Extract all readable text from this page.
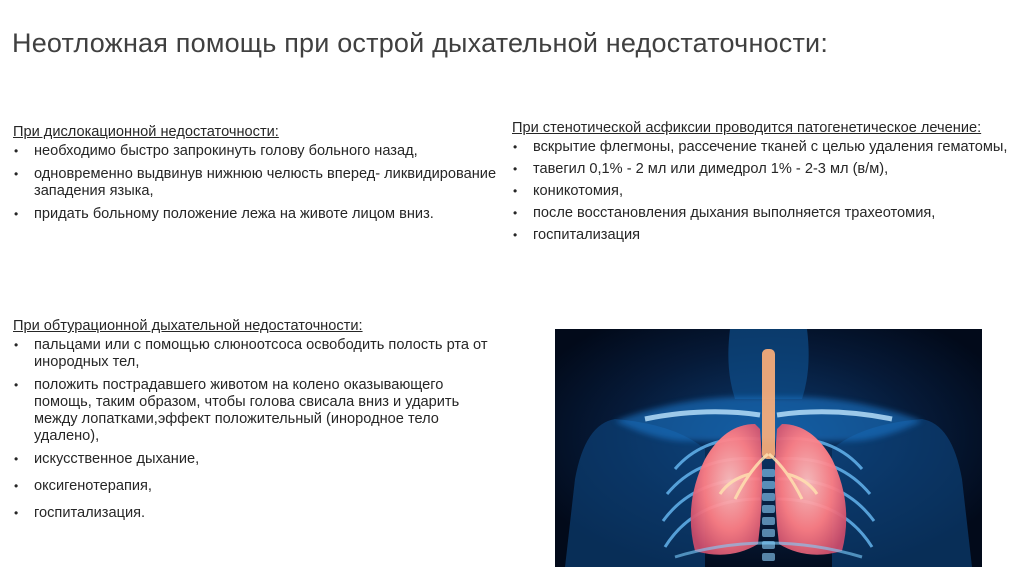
Неотложная помощь при острой дыхательной недостаточности:
При дислокационной недостаточности:
• необходимо быстро запрокинуть голову больного назад,
• одновременно выдвинув нижнюю челюсть вперед- ликвидирование западения языка,
• придать больному положение лежа на животе лицом вниз.
При обтурационной дыхательной недостаточности:
• пальцами или с помощью слюноотсоса освободить полость рта от инородных тел,
• положить пострадавшего животом на колено оказывающего помощь, таким образом, чтобы голова свисала вниз и ударить между лопатками,эффект положительный (инородное тело удалено),
• искусственное дыхание,
• оксигенотерапия,
• госпитализация.
При стенотической асфиксии проводится патогенетическое лечение:
• вскрытие флегмоны, рассечение тканей с целью удаления гематомы,
• тавегил 0,1% - 2 мл или димедрол 1% - 2-3 мл (в/м),
• коникотомия,
• после восстановления дыхания выполняется трахеотомия,
• госпитализация
